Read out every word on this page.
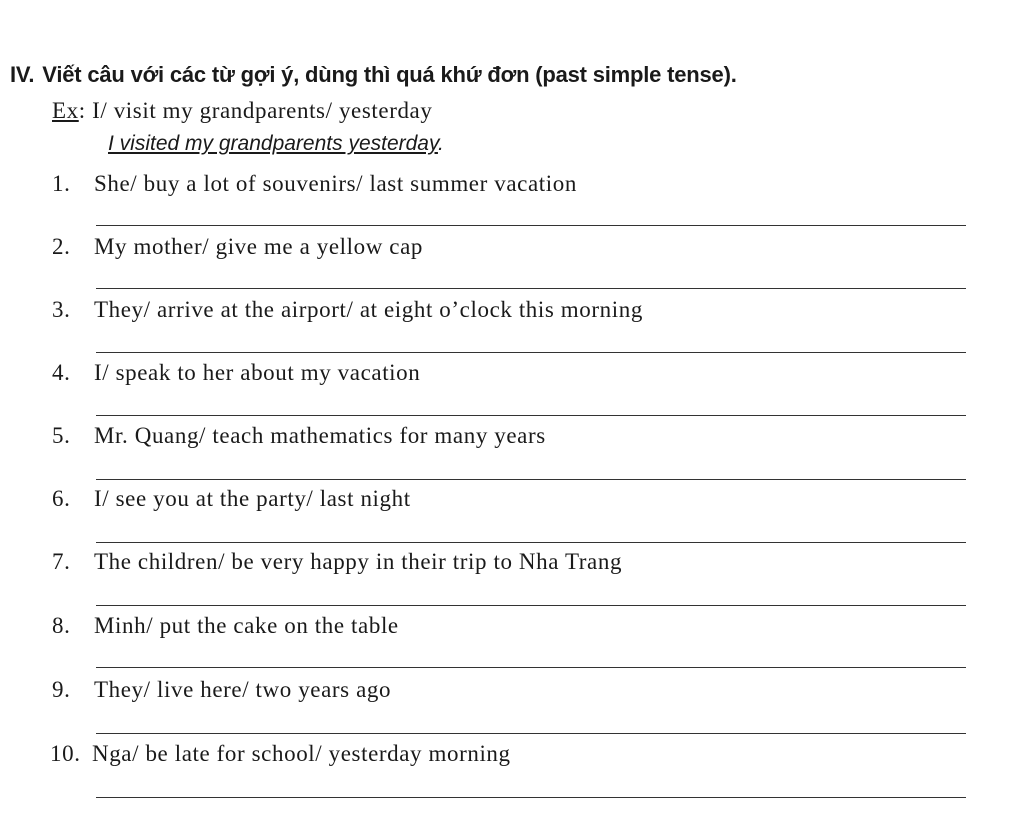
IV. Viết câu với các từ gợi ý, dùng thì quá khứ đơn (past simple tense).
Ex: I/ visit my grandparents/ yesterday
I visited my grandparents yesterday.
1. She/ buy a lot of souvenirs/ last summer vacation
2. My mother/ give me a yellow cap
3. They/ arrive at the airport/ at eight o’clock this morning
4. I/ speak to her about my vacation
5. Mr. Quang/ teach mathematics for many years
6. I/ see you at the party/ last night
7. The children/ be very happy in their trip to Nha Trang
8. Minh/ put the cake on the table
9. They/ live here/ two years ago
10. Nga/ be late for school/ yesterday morning
